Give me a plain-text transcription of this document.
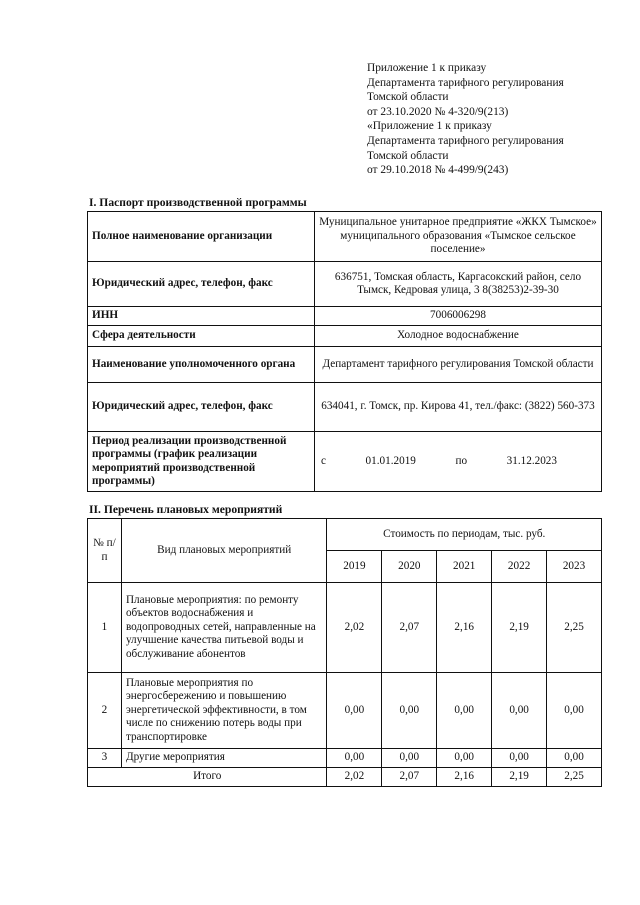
Приложение 1 к приказу
Департамента тарифного регулирования
Томской области
от 23.10.2020 № 4-320/9(213)
«Приложение 1 к приказу
Департамента тарифного регулирования
Томской области
от 29.10.2018 № 4-499/9(243)
I. Паспорт производственной программы
Полное наименование организации	Муниципальное унитарное предприятие «ЖКХ Тымское» муниципального образования «Тымское сельское поселение»
Юридический адрес, телефон, факс	636751, Томская область, Каргасокский район, село Тымск, Кедровая улица, 3 8(38253)2-39-30
ИНН	7006006298
Сфера деятельности	Холодное водоснабжение
Наименование уполномоченного органа	Департамент тарифного регулирования Томской области
Юридический адрес, телефон, факс	634041, г. Томск, пр. Кирова 41, тел./факс: (3822) 560-373
Период реализации производственной программы (график реализации мероприятий производственной программы)	с 01.01.2019 по 31.12.2023
II. Перечень плановых мероприятий
№ п/п	Вид плановых мероприятий	Стоимость по периодам, тыс. руб.				
		2019	2020	2021	2022	2023
1	Плановые мероприятия: по ремонту объектов водоснабжения и водопроводных сетей, направленные на улучшение качества питьевой воды и обслуживание абонентов	2,02	2,07	2,16	2,19	2,25
2	Плановые мероприятия по энергосбережению и повышению энергетической эффективности, в том числе по снижению потерь воды при транспортировке	0,00	0,00	0,00	0,00	0,00
3	Другие мероприятия	0,00	0,00	0,00	0,00	0,00
Итого		2,02	2,07	2,16	2,19	2,25
